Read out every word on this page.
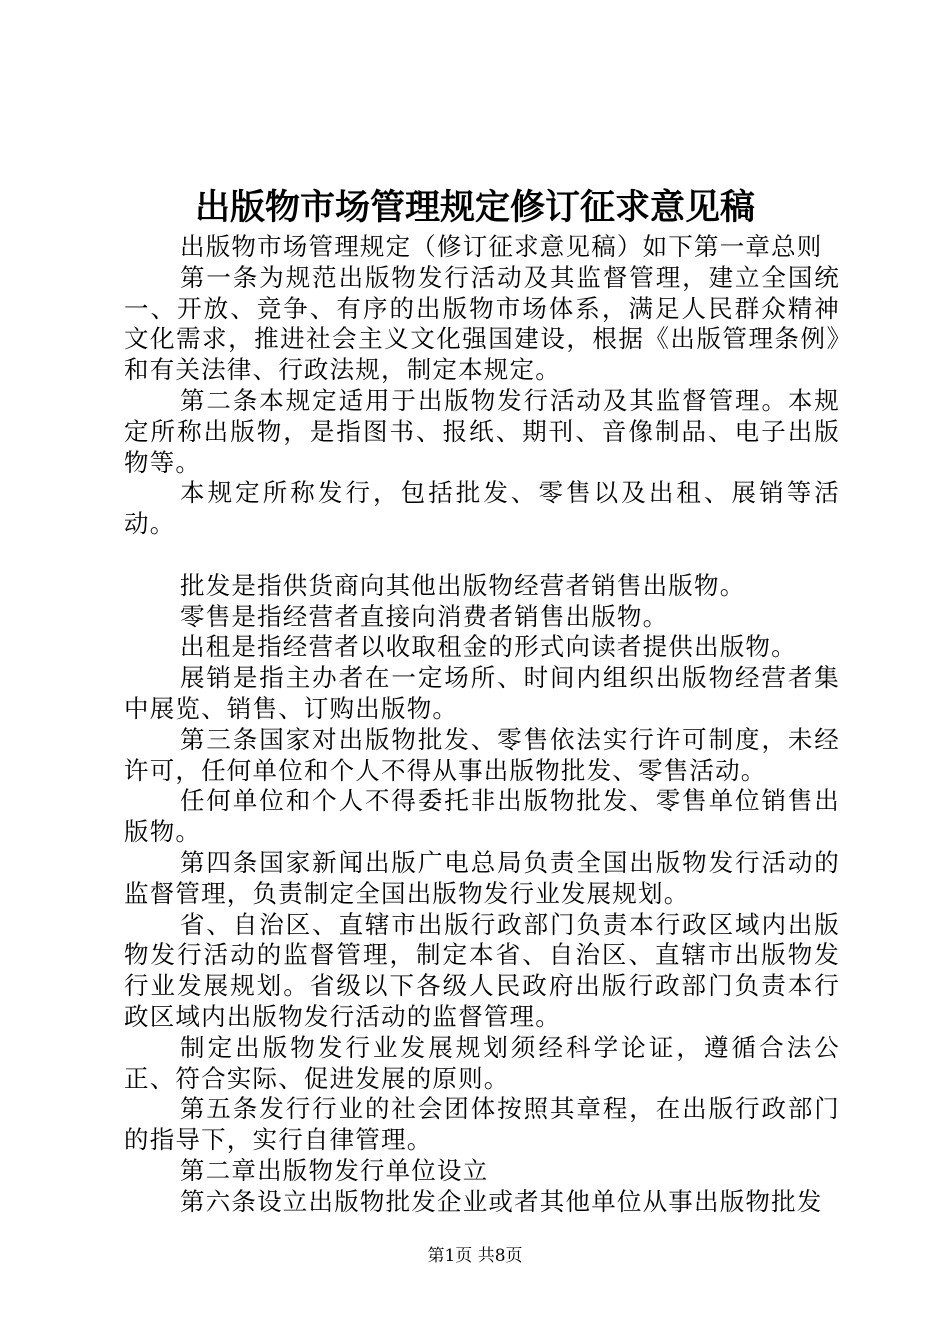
出版物市场管理规定修订征求意见稿

出版物市场管理规定（修订征求意见稿）如下第一章总则

第一条为规范出版物发行活动及其监督管理，建立全国统一、开放、竞争、有序的出版物市场体系，满足人民群众精神文化需求，推进社会主义文化强国建设，根据《出版管理条例》和有关法律、行政法规，制定本规定。

第二条本规定适用于出版物发行活动及其监督管理。本规定所称出版物，是指图书、报纸、期刊、音像制品、电子出版物等。

本规定所称发行，包括批发、零售以及出租、展销等活动。

批发是指供货商向其他出版物经营者销售出版物。

零售是指经营者直接向消费者销售出版物。

出租是指经营者以收取租金的形式向读者提供出版物。

展销是指主办者在一定场所、时间内组织出版物经营者集中展览、销售、订购出版物。

第三条国家对出版物批发、零售依法实行许可制度，未经许可，任何单位和个人不得从事出版物批发、零售活动。

任何单位和个人不得委托非出版物批发、零售单位销售出版物。

第四条国家新闻出版广电总局负责全国出版物发行活动的监督管理，负责制定全国出版物发行业发展规划。

省、自治区、直辖市出版行政部门负责本行政区域内出版物发行活动的监督管理，制定本省、自治区、直辖市出版物发行业发展规划。省级以下各级人民政府出版行政部门负责本行政区域内出版物发行活动的监督管理。

制定出版物发行业发展规划须经科学论证，遵循合法公正、符合实际、促进发展的原则。

第五条发行行业的社会团体按照其章程，在出版行政部门的指导下，实行自律管理。

第二章出版物发行单位设立

第六条设立出版物批发企业或者其他单位从事出版物批发

第1页 共8页
